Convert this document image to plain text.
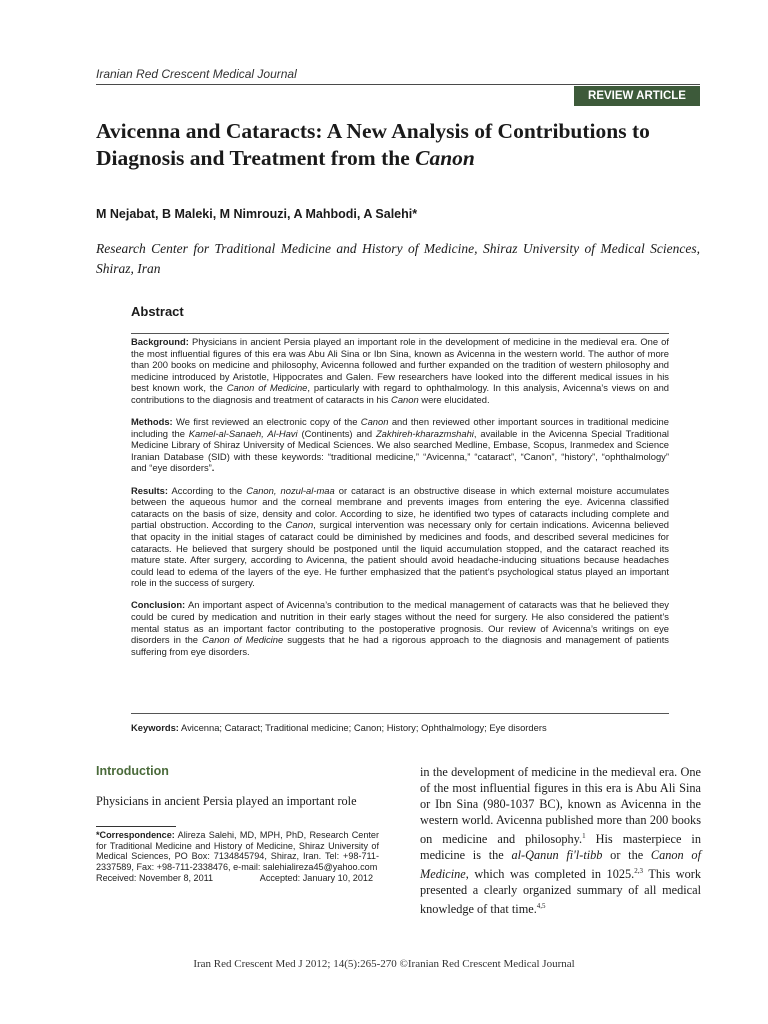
Iranian Red Crescent Medical Journal
REVIEW ARTICLE
Avicenna and Cataracts: A New Analysis of Contributions to Diagnosis and Treatment from the Canon
M Nejabat, B Maleki, M Nimrouzi, A Mahbodi, A Salehi*
Research Center for Traditional Medicine and History of Medicine, Shiraz University of Medical Sciences, Shiraz, Iran
Abstract

Background: Physicians in ancient Persia played an important role in the development of medicine in the medieval era. One of the most influential figures of this era was Abu Ali Sina or Ibn Sina, known as Avicenna in the western world. The author of more than 200 books on medicine and philosophy, Avicenna followed and further expanded on the tradition of western philosophy and medicine introduced by Aristotle, Hippocrates and Galen. Few researchers have looked into the different medical issues in his best known work, the Canon of Medicine, particularly with regard to ophthalmology. In this analysis, Avicenna’s views on and contributions to the diagnosis and treatment of cataracts in his Canon were elucidated.

Methods: We first reviewed an electronic copy of the Canon and then reviewed other important sources in traditional medicine including the Kamel-al-Sanaeh, Al-Havi (Continents) and Zakhireh-kharazmshahi, available in the Avicenna Special Traditional Medicine Library of Shiraz University of Medical Sciences. We also searched Medline, Embase, Scopus, Iranmedex and Science Iranian Database (SID) with these keywords: “traditional medicine,” “Avicenna,” “cataract”, “Canon”, “history”, “ophthalmology” and “eye disorders”.

Results: According to the Canon, nozul-al-maa or cataract is an obstructive disease in which external moisture accumulates between the aqueous humor and the corneal membrane and prevents images from entering the eye. Avicenna classified cataracts on the basis of size, density and color. According to size, he identified two types of cataracts including complete and partial obstruction. According to the Canon, surgical intervention was necessary only for certain indications. Avicenna believed that opacity in the initial stages of cataract could be diminished by medicines and foods, and described several medicines for cataracts. He believed that surgery should be postponed until the liquid accumulation stopped, and the cataract reached its mature state. After surgery, according to Avicenna, the patient should avoid headache-inducing situations because headaches could lead to edema of the layers of the eye. He further emphasized that the patient’s psychological status played an important role in the success of surgery.

Conclusion: An important aspect of Avicenna’s contribution to the medical management of cataracts was that he believed they could be cured by medication and nutrition in their early stages without the need for surgery. He also considered the patient’s mental status as an important factor contributing to the postoperative prognosis. Our review of Avicenna’s writings on eye disorders in the Canon of Medicine suggests that he had a rigorous approach to the diagnosis and management of patients suffering from eye disorders.

Keywords: Avicenna; Cataract; Traditional medicine; Canon; History; Ophthalmology; Eye disorders
Introduction
Physicians in ancient Persia played an important role
*Correspondence: Alireza Salehi, MD, MPH, PhD, Research Center for Traditional Medicine and History of Medicine, Shiraz University of Medical Sciences, PO Box: 7134845794, Shiraz, Iran. Tel: +98-711-2337589, Fax: +98-711-2338476, e-mail: salehialireza45@yahoo.com
Received: November 8, 2011	Accepted: January 10, 2012

in the development of medicine in the medieval era. One of the most influential figures in this era is Abu Ali Sina or Ibn Sina (980-1037 BC), known as Avicenna in the western world. Avicenna published more than 200 books on medicine and philosophy.$^1$ His masterpiece in medicine is the al-Qanun fi'l-tibb or the Canon of Medicine, which was completed in 1025.$^{2,3}$ This work presented a clearly organized summary of all medical knowledge of that time.$^{4,5}$

Iran Red Crescent Med J 2012; 14(5):265-270 ©Iranian Red Crescent Medical Journal
